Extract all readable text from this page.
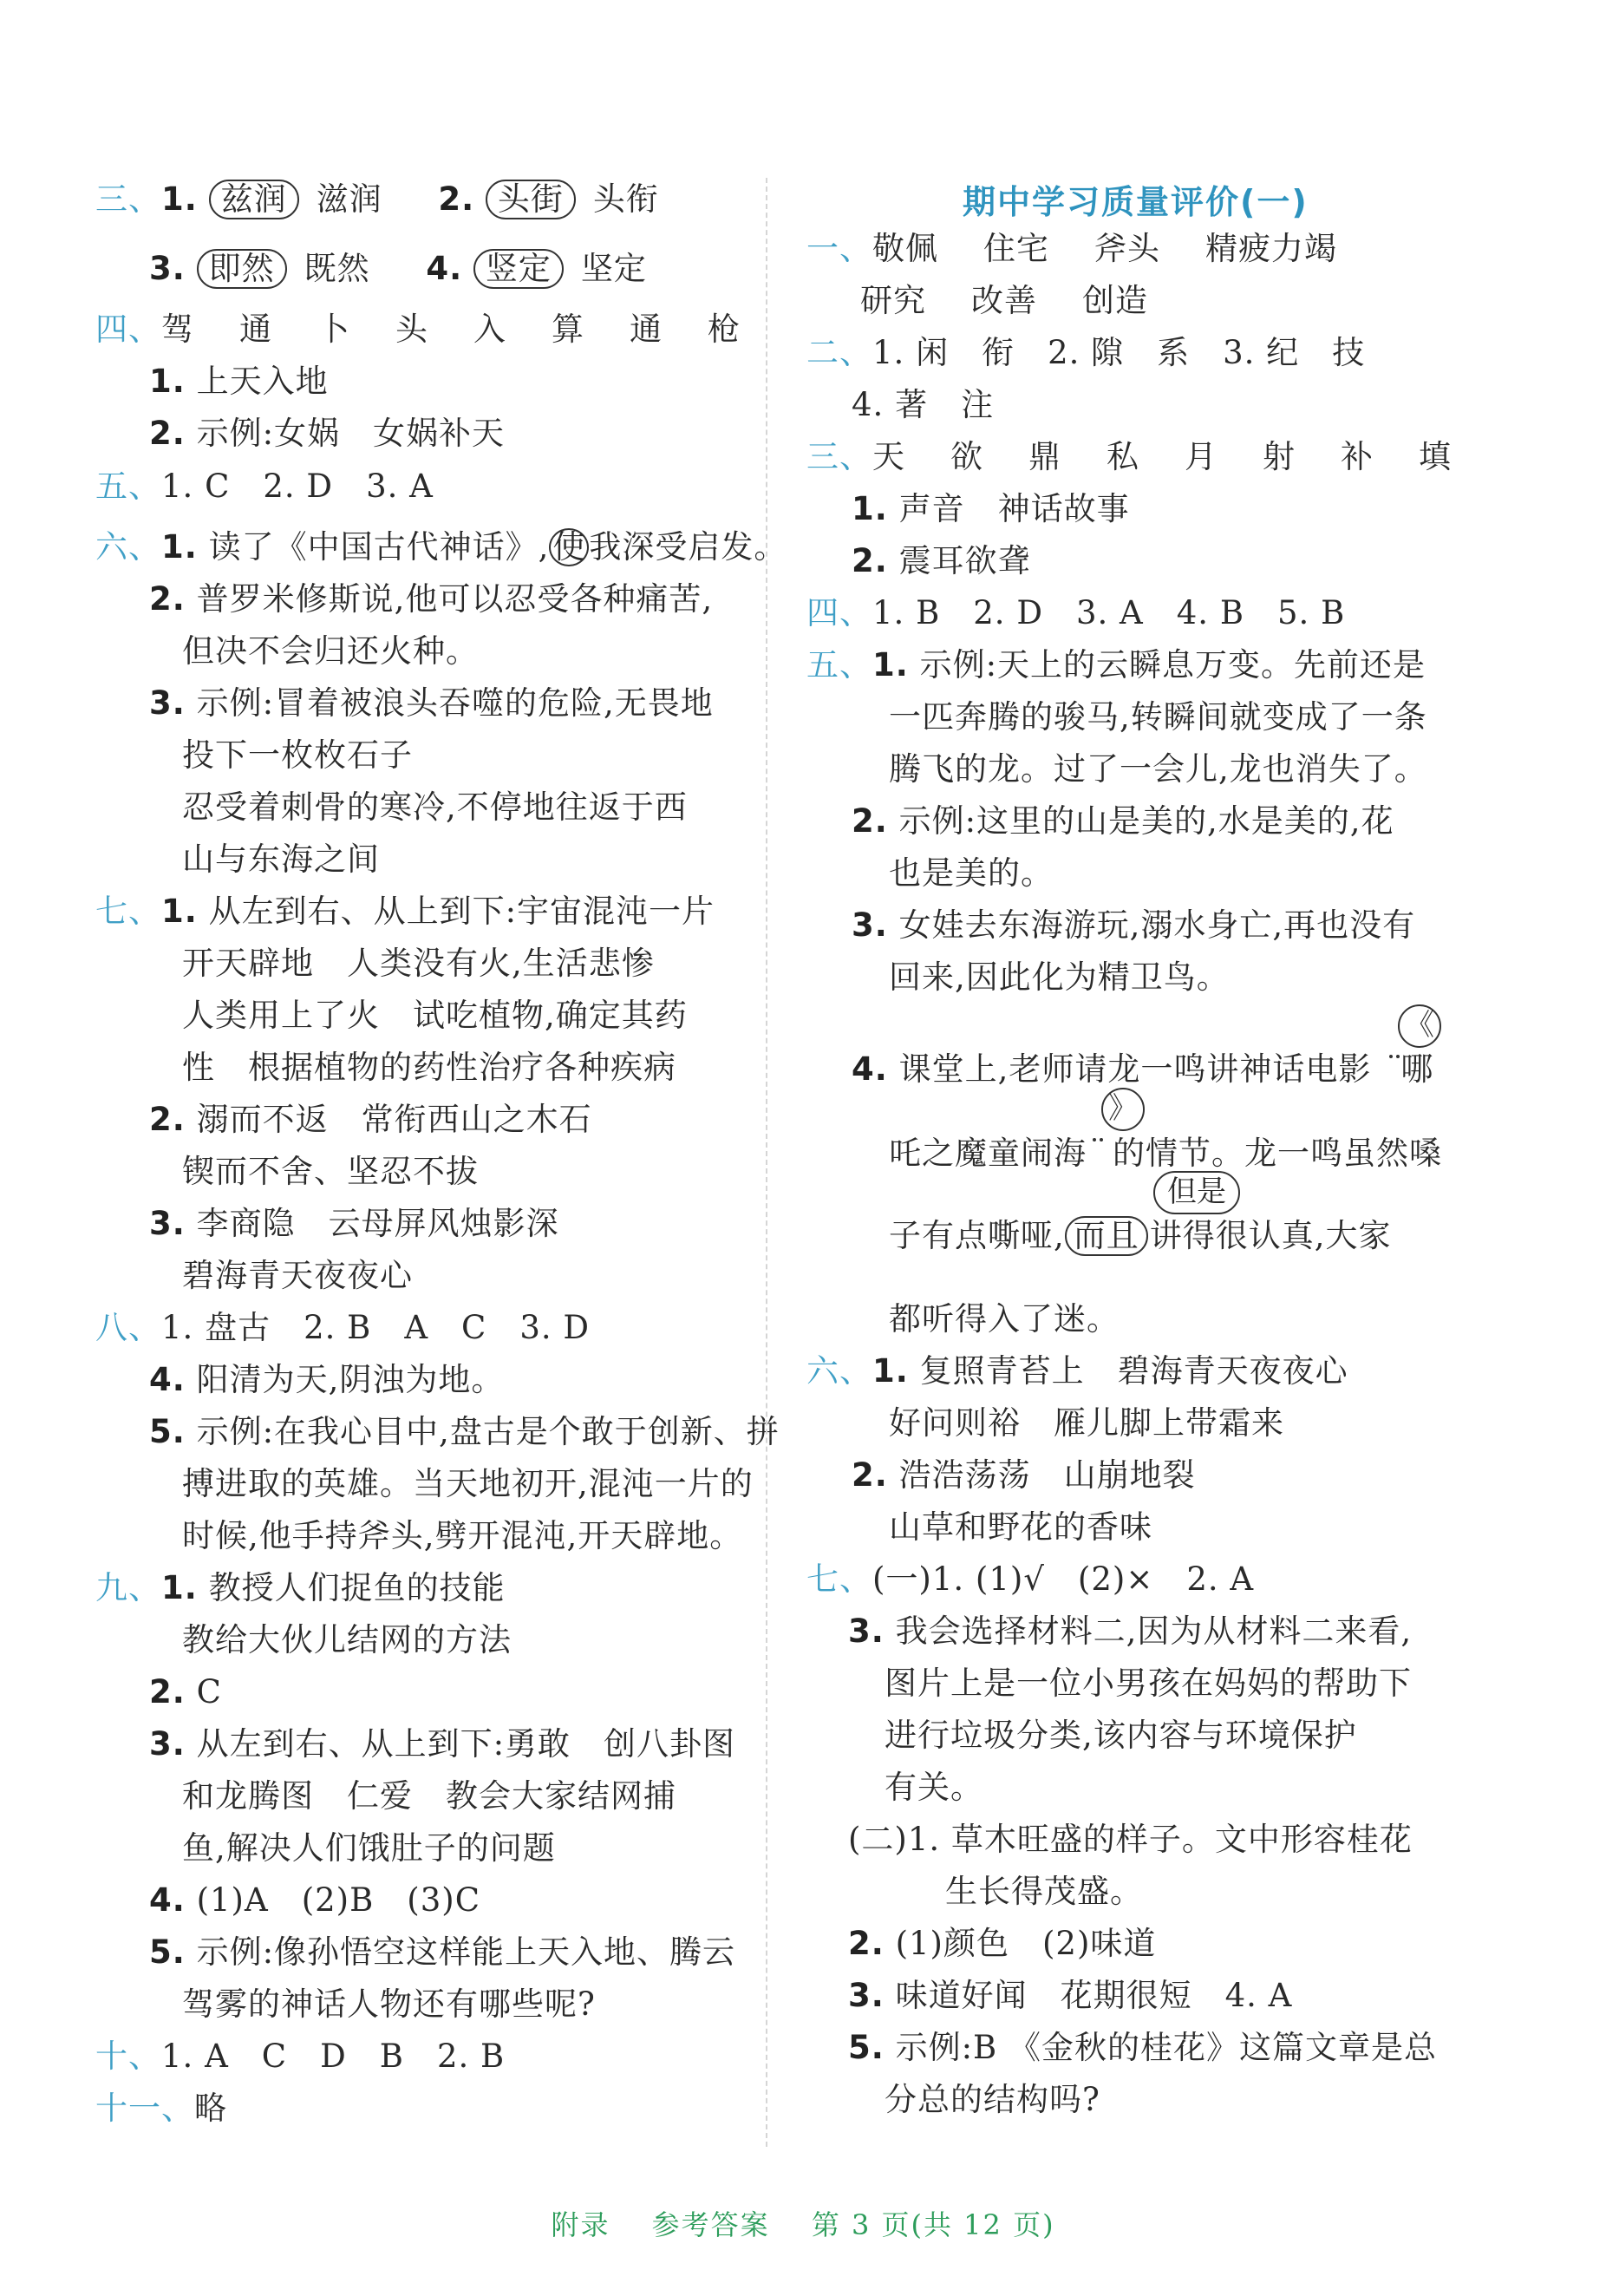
三、1. 兹润 滋润 2. 头街 头衔
3. 即然 既然 4. 竖定 坚定
四、驾 通 卜 头 入 算 通 枪
1. 上天入地
2. 示例:女娲　女娲补天
五、1. C　2. D　3. A
六、1. 读了《中国古代神话》, 使 我深受启发。
2. 普罗米修斯说,他可以忍受各种痛苦,
但决不会归还火种。
3. 示例:冒着被浪头吞噬的危险,无畏地
投下一枚枚石子
忍受着刺骨的寒冷,不停地往返于西
山与东海之间
七、1. 从左到右、从上到下:宇宙混沌一片
开天辟地　人类没有火,生活悲惨
人类用上了火　试吃植物,确定其药
性　根据植物的药性治疗各种疾病
2. 溺而不返　常衔西山之木石
锲而不舍、坚忍不拔
3. 李商隐　云母屏风烛影深
碧海青天夜夜心
八、1. 盘古　2. B　A　C　3. D
4. 阳清为天,阴浊为地。
5. 示例:在我心目中,盘古是个敢于创新、拼
搏进取的英雄。当天地初开,混沌一片的
时候,他手持斧头,劈开混沌,开天辟地。
九、1. 教授人们捉鱼的技能
教给大伙儿结网的方法
2. C
3. 从左到右、从上到下:勇敢　创八卦图
和龙腾图　仁爱　教会大家结网捕
鱼,解决人们饿肚子的问题
4. (1)A　(2)B　(3)C
5. 示例:像孙悟空这样能上天入地、腾云
驾雾的神话人物还有哪些呢?
十、1. A　C　D　B　2. B
十一、略
期中学习质量评价(一)
一、敬佩 住宅 斧头 精疲力竭
研究 改善 创造
二、1. 闲　衔　2. 隙　系　3. 纪　技
4. 著　注
三、天 欲 鼎 私 月 射 补 填
1. 声音　神话故事
2. 震耳欲聋
四、1. B　2. D　3. A　4. B　5. B
五、1. 示例:天上的云瞬息万变。先前还是
一匹奔腾的骏马,转瞬间就变成了一条
腾飞的龙。过了一会儿,龙也消失了。
2. 示例:这里的山是美的,水是美的,花
也是美的。
3. 女娃去东海游玩,溺水身亡,再也没有
回来,因此化为精卫鸟。
4. 课堂上,老师请龙一鸣讲神话电影 哪
《
吒之魔童闹海 的情节。龙一鸣虽然嗓
》
子有点嘶哑, 而且 讲得很认真,大家
但是
都听得入了迷。
六、1. 复照青苔上　碧海青天夜夜心
好问则裕　雁儿脚上带霜来
2. 浩浩荡荡　山崩地裂
山草和野花的香味
七、(一)1. (1)√　(2)×　2. A
3. 我会选择材料二,因为从材料二来看,
图片上是一位小男孩在妈妈的帮助下
进行垃圾分类,该内容与环境保护
有关。
(二)1. 草木旺盛的样子。文中形容桂花
生长得茂盛。
2. (1)颜色　(2)味道
3. 味道好闻　花期很短　4. A
5. 示例:B 《金秋的桂花》这篇文章是总
分总的结构吗?
附录 参考答案 第 3 页(共 12 页)
